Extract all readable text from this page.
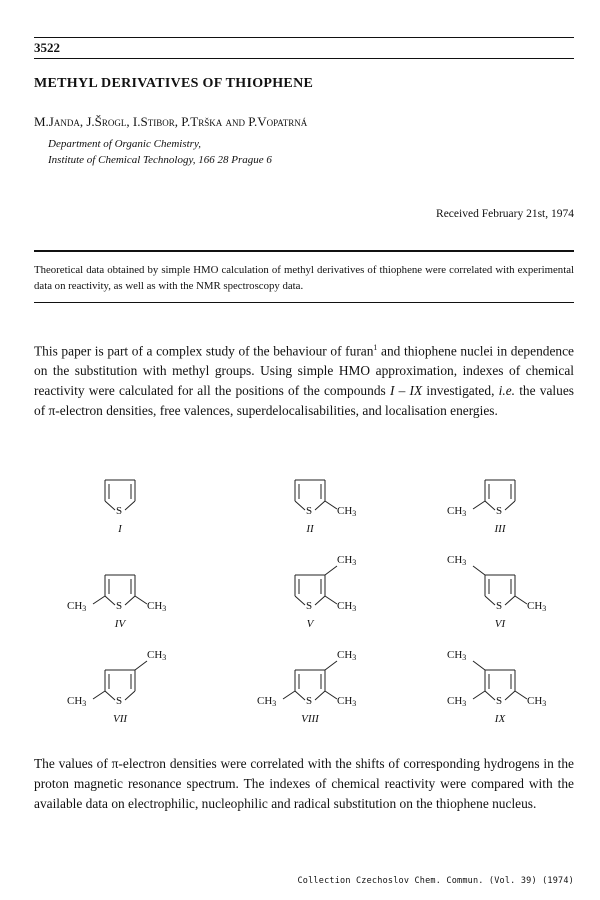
3522
METHYL DERIVATIVES OF THIOPHENE
M.Janda, J.Šrogl, I.Stibor, P.Trška and P.Vopatrná
Department of Organic Chemistry,
Institute of Chemical Technology, 166 28 Prague 6
Received February 21st, 1974
Theoretical data obtained by simple HMO calculation of methyl derivatives of thiophene were correlated with experimental data on reactivity, as well as with the NMR spectroscopy data.
This paper is part of a complex study of the behaviour of furan$^1$ and thiophene nuclei in dependence on the substitution with methyl groups. Using simple HMO approximation, indexes of chemical reactivity were calculated for all the positions of the compounds I – IX investigated, i.e. the values of π-electron densities, free valences, superdelocalisabilities, and localisation energies.
S
I
S CH3
II
S
CH3
III
S
CH3	CH3
IV
S
CH3
CH3
V
S
CH3
CH3
VI
S
CH3
CH3
VII
S
CH3
CH3	CH3
VIII
S
CH3
CH3	CH3
IX
The values of π-electron densities were correlated with the shifts of corresponding hydrogens in the proton magnetic resonance spectrum. The indexes of chemical reactivity were compared with the available data on electrophilic, nucleophilic and radical substitution on the thiophene nucleus.
Collection Czechoslov Chem. Commun. (Vol. 39) (1974)
